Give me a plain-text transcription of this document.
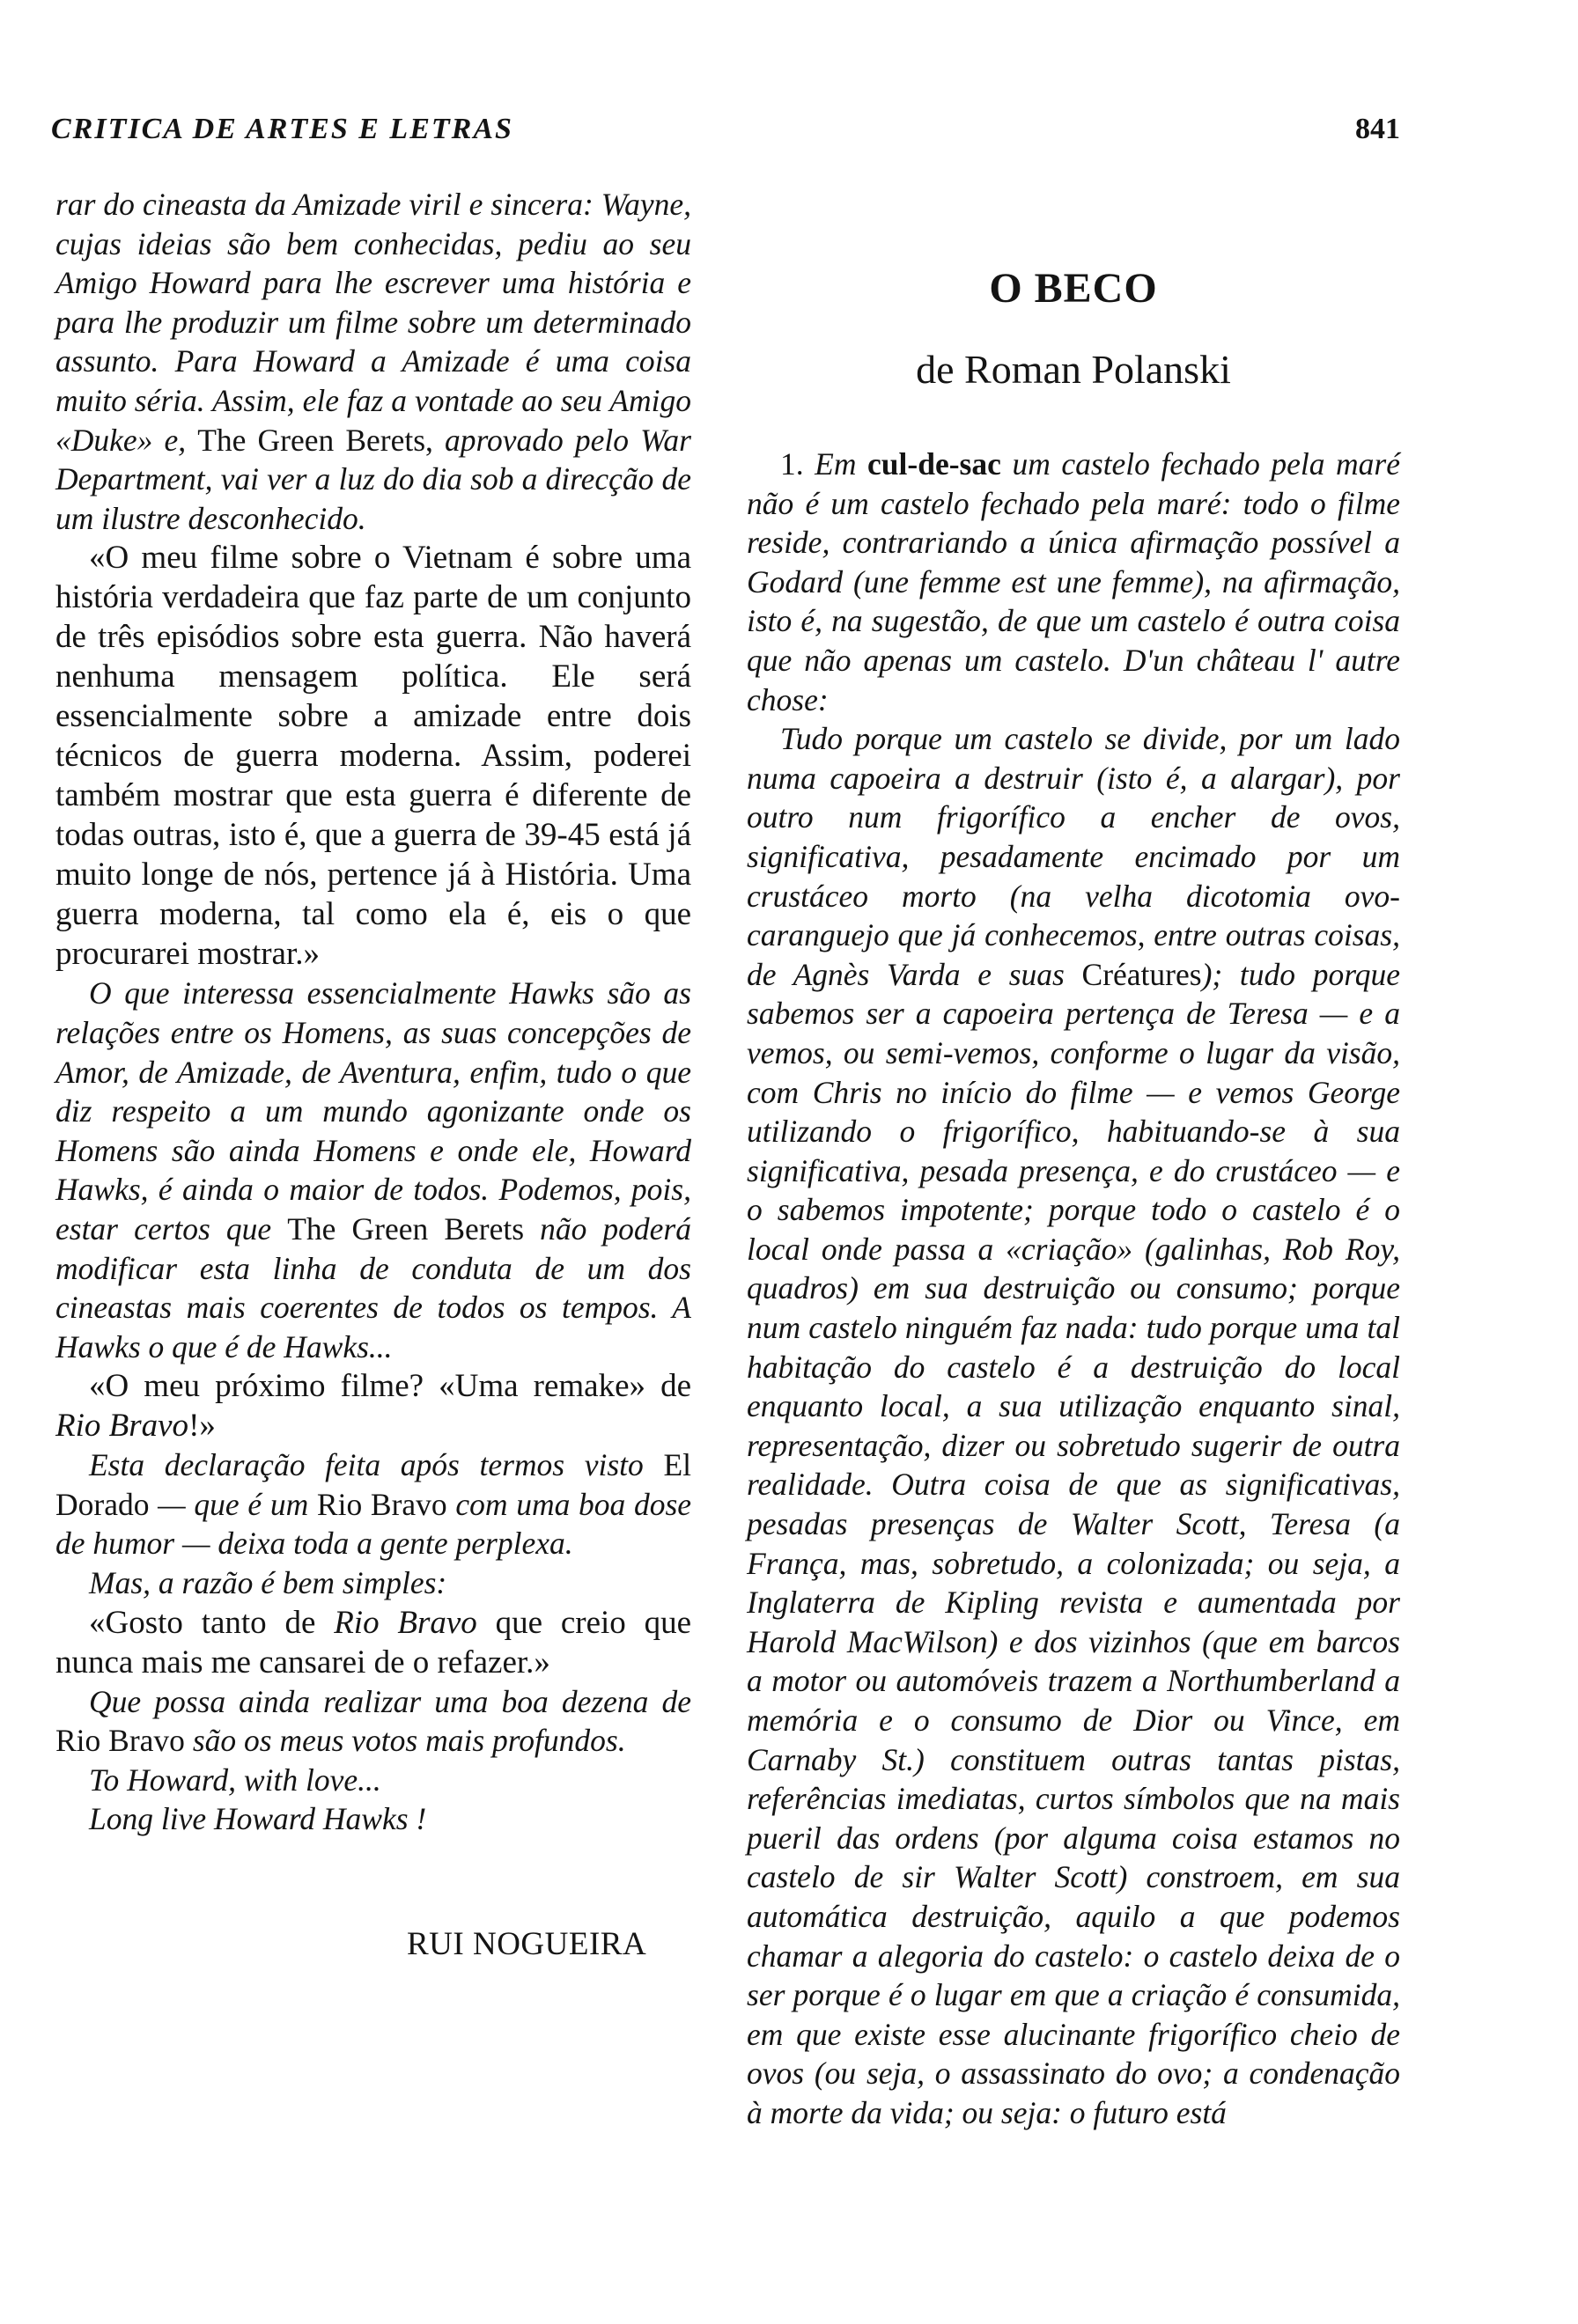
CRITICA DE ARTES E LETRAS	841

rar do cineasta da Amizade viril e sincera: Wayne, cujas ideias são bem conhecidas, pediu ao seu Amigo Howard para lhe escrever uma história e para lhe produzir um filme sobre um determinado assunto. Para Howard a Amizade é uma coisa muito séria. Assim, ele faz a vontade ao seu Amigo «Duke» e, The Green Berets, aprovado pelo War Department, vai ver a luz do dia sob a direcção de um ilustre desconhecido.

«O meu filme sobre o Vietnam é sobre uma história verdadeira que faz parte de um conjunto de três episódios sobre esta guerra. Não haverá nenhuma mensagem política. Ele será essencialmente sobre a amizade entre dois técnicos de guerra moderna. Assim, poderei também mostrar que esta guerra é diferente de todas outras, isto é, que a guerra de 39-45 está já muito longe de nós, pertence já à História. Uma guerra moderna, tal como ela é, eis o que procurarei mostrar.»

O que interessa essencialmente Hawks são as relações entre os Homens, as suas concepções de Amor, de Amizade, de Aventura, enfim, tudo o que diz respeito a um mundo agonizante onde os Homens são ainda Homens e onde ele, Howard Hawks, é ainda o maior de todos. Podemos, pois, estar certos que The Green Berets não poderá modificar esta linha de conduta de um dos cineastas mais coerentes de todos os tempos. A Hawks o que é de Hawks...

«O meu próximo filme? «Uma remake» de Rio Bravo!»

Esta declaração feita após termos visto El Dorado — que é um Rio Bravo com uma boa dose de humor — deixa toda a gente perplexa.

Mas, a razão é bem simples:

«Gosto tanto de Rio Bravo que creio que nunca mais me cansarei de o refazer.»

Que possa ainda realizar uma boa dezena de Rio Bravo são os meus votos mais profundos.

To Howard, with love...

Long live Howard Hawks !

RUI NOGUEIRA
O BECO
de Roman Polanski

1. Em cul-de-sac um castelo fechado pela maré não é um castelo fechado pela maré: todo o filme reside, contrariando a única afirmação possível a Godard (une femme est une femme), na afirmação, isto é, na sugestão, de que um castelo é outra coisa que não apenas um castelo. D'un château l' autre chose:

Tudo porque um castelo se divide, por um lado numa capoeira a destruir (isto é, a alargar), por outro num frigorífico a encher de ovos, significativa, pesadamente encimado por um crustáceo morto (na velha dicotomia ovo-caranguejo que já conhecemos, entre outras coisas, de Agnès Varda e suas Créatures); tudo porque sabemos ser a capoeira pertença de Teresa — e a vemos, ou semi-vemos, conforme o lugar da visão, com Chris no início do filme — e vemos George utilizando o frigorífico, habituando-se à sua significativa, pesada presença, e do crustáceo — e o sabemos impotente; porque todo o castelo é o local onde passa a «criação» (galinhas, Rob Roy, quadros) em sua destruição ou consumo; porque num castelo ninguém faz nada: tudo porque uma tal habitação do castelo é a destruição do local enquanto local, a sua utilização enquanto sinal, representação, dizer ou sobretudo sugerir de outra realidade. Outra coisa de que as significativas, pesadas presenças de Walter Scott, Teresa (a França, mas, sobretudo, a colonizada; ou seja, a Inglaterra de Kipling revista e aumentada por Harold MacWilson) e dos vizinhos (que em barcos a motor ou automóveis trazem a Northumberland a memória e o consumo de Dior ou Vince, em Carnaby St.) constituem outras tantas pistas, referências imediatas, curtos símbolos que na mais pueril das ordens (por alguma coisa estamos no castelo de sir Walter Scott) constroem, em sua automática destruição, aquilo a que podemos chamar a alegoria do castelo: o castelo deixa de o ser porque é o lugar em que a criação é consumida, em que existe esse alucinante frigorífico cheio de ovos (ou seja, o assassinato do ovo; a condenação à morte da vida; ou seja: o futuro está
